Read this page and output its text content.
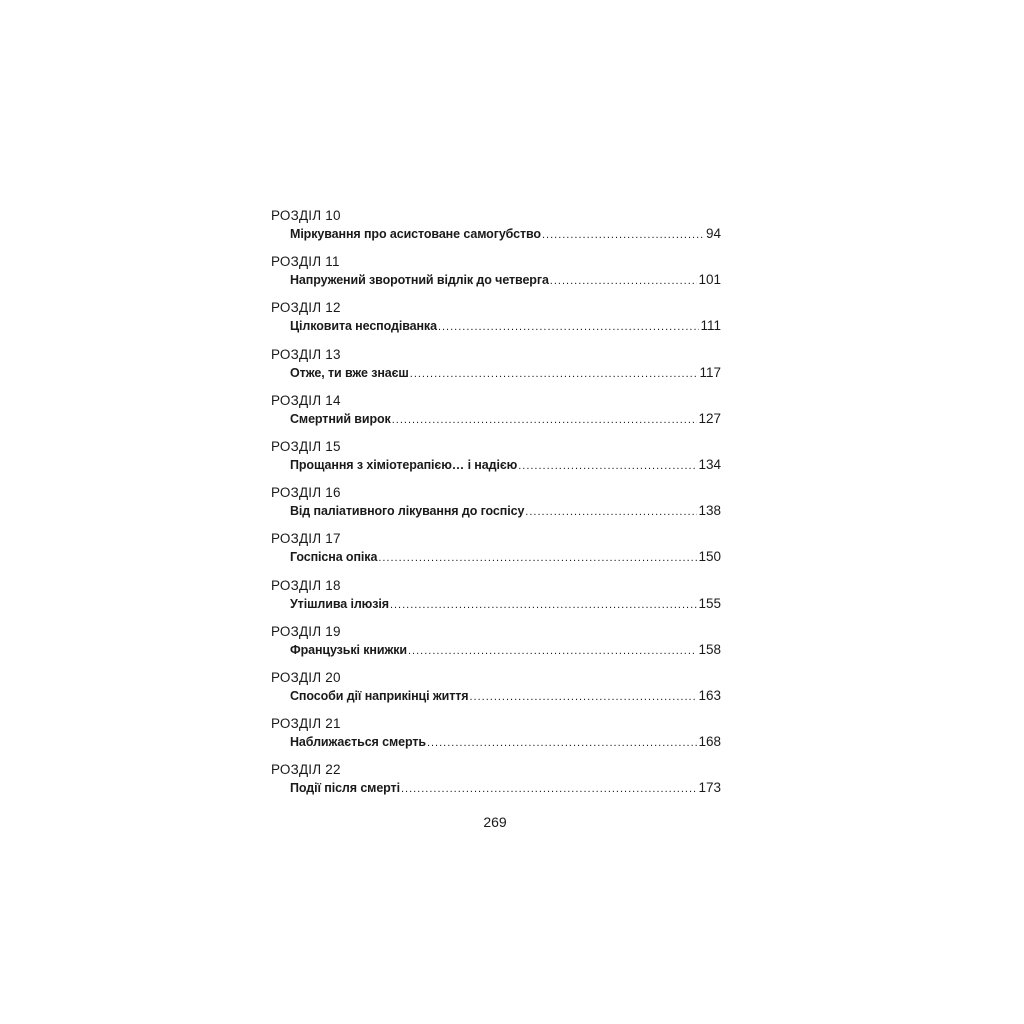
РОЗДІЛ 10
Міркування про асистоване самогубство .....	94
РОЗДІЛ 11
Напружений зворотний відлік до четверга .....	101
РОЗДІЛ 12
Цілковита несподіванка .....	111
РОЗДІЛ 13
Отже, ти вже знаєш .....	117
РОЗДІЛ 14
Смертний вирок .....	127
РОЗДІЛ 15
Прощання з хіміотерапією… і надією .....	134
РОЗДІЛ 16
Від паліативного лікування до госпісу .....	138
РОЗДІЛ 17
Госпісна опіка .....	150
РОЗДІЛ 18
Утішлива ілюзія .....	155
РОЗДІЛ 19
Французькі книжки .....	158
РОЗДІЛ 20
Способи дії наприкінці життя .....	163
РОЗДІЛ 21
Наближається смерть .....	168
РОЗДІЛ 22
Події після смерті .....	173
269
